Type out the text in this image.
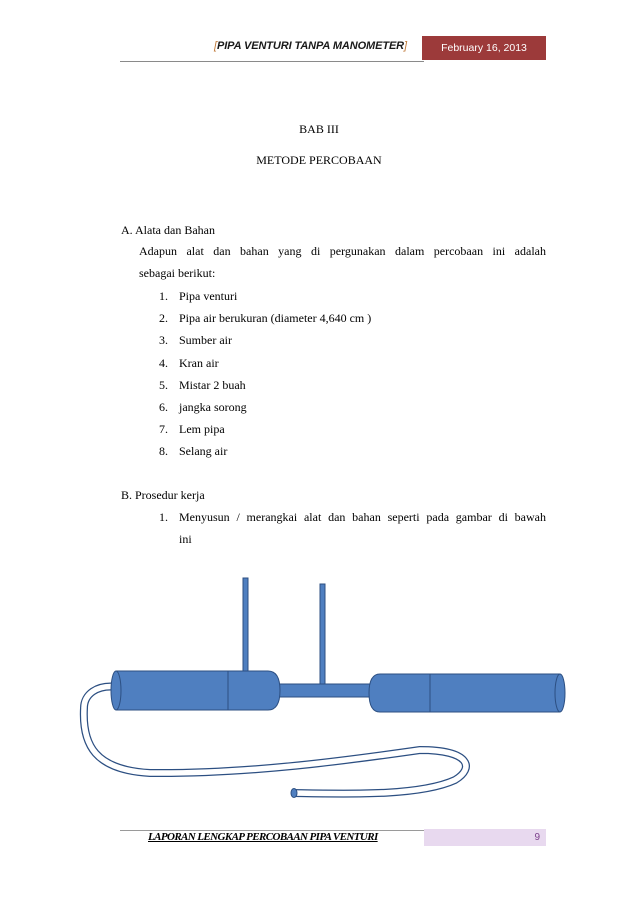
[PIPA VENTURI TANPA MANOMETER]	February 16, 2013
BAB III
METODE PERCOBAAN
A. Alata dan Bahan
Adapun alat dan bahan yang di pergunakan dalam percobaan ini adalah
sebagai berikut:
1. Pipa venturi
2. Pipa air berukuran (diameter 4,640 cm )
3. Sumber air
4. Kran air
5. Mistar 2 buah
6. jangka sorong
7. Lem pipa
8. Selang air
B. Prosedur kerja
1. Menyusun / merangkai alat dan bahan seperti pada gambar di bawah
ini
LAPORAN LENGKAP PERCOBAAN PIPA VENTURI	9
